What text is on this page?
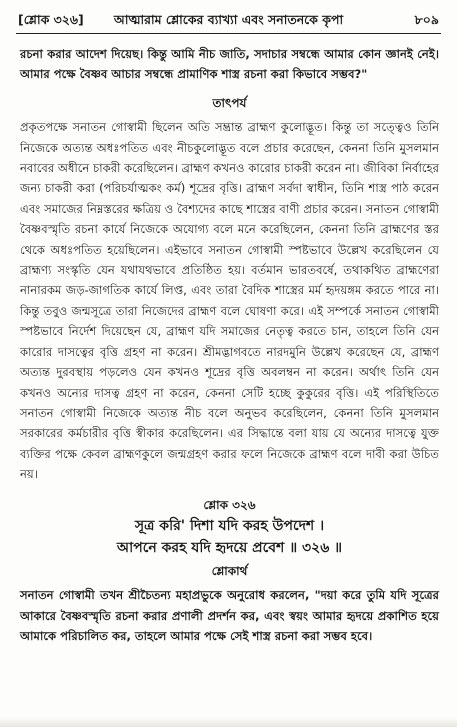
[শ্লোক ৩২৬]	আত্মারাম শ্লোকের ব্যাখ্যা এবং সনাতনকে কৃপা	৮০৯

রচনা করার আদেশ দিয়েছ। কিন্তু আমি নীচ জাতি, সদাচার সম্বন্ধে আমার কোন জ্ঞানই নেই। আমার পক্ষে বৈষ্ণব আচার সম্বন্ধে প্রামাণিক শাস্ত্র রচনা করা কিভাবে সম্ভব?"

তাৎপর্য

প্রকৃতপক্ষে সনাতন গোস্বামী ছিলেন অতি সম্ভ্রান্ত ব্রাহ্মণ কুলোদ্ভূত। কিন্তু তা সত্ত্বেও তিনি নিজেকে অত্যন্ত অধঃপতিত এবং নীচকুলোদ্ভূত বলে প্রচার করেছেন, কেননা তিনি মুসলমান নবাবের অধীনে চাকরী করেছিলেন। ব্রাহ্মণ কখনও কারোর চাকরী করেন না। জীবিকা নির্বাহের জন্য চাকরী করা (পরিচর্যাত্মকং কর্ম) শূদ্রের বৃত্তি। ব্রাহ্মণ সর্বদা স্বাধীন, তিনি শাস্ত্র পাঠ করেন এবং সমাজের নিম্নস্তরের ক্ষত্রিয় ও বৈশ্যদের কাছে শাস্ত্রের বাণী প্রচার করেন। সনাতন গোস্বামী বৈষ্ণবস্মৃতি রচনা কার্যে নিজেকে অযোগ্য বলে মনে করেছিলেন, কেননা তিনি ব্রাহ্মণের স্তর থেকে অধঃপতিত হয়েছিলেন। এইভাবে সনাতন গোস্বামী স্পষ্টভাবে উল্লেখ করেছিলেন যে ব্রাহ্মণ্য সংস্কৃতি যেন যথাযথভাবে প্রতিষ্ঠিত হয়। বর্তমান ভারতবর্ষে, তথাকথিত ব্রাহ্মণেরা নানারকম জড়-জাগতিক কার্যে লিপ্ত, এবং তারা বৈদিক শাস্ত্রের মর্ম হৃদয়ঙ্গম করতে পারে না। কিন্তু তবুও জন্মসূত্রে তারা নিজেদের ব্রাহ্মণ বলে ঘোষণা করে। এই সম্পর্কে সনাতন গোস্বামী স্পষ্টভাবে নির্দেশ দিয়েছেন যে, ব্রাহ্মণ যদি সমাজের নেতৃত্ব করতে চান, তাহলে তিনি যেন কারোর দাসত্বের বৃত্তি গ্রহণ না করেন। শ্রীমদ্ভাগবতে নারদমুনি উল্লেখ করেছেন যে, ব্রাহ্মণ অত্যন্ত দুরবস্থায় পড়লেও যেন কখনও শূদ্রের বৃত্তি অবলম্বন না করেন। অর্থাৎ তিনি যেন কখনও অন্যের দাসত্ব গ্রহণ না করেন, কেননা সেটি হচ্ছে কুকুরের বৃত্তি। এই পরিস্থিতিতে সনাতন গোস্বামী নিজেকে অত্যন্ত নীচ বলে অনুভব করেছিলেন, কেননা তিনি মুসলমান সরকারের কর্মচারীর বৃত্তি স্বীকার করেছিলেন। এর সিদ্ধান্তে বলা যায় যে অন্যের দাসত্বে যুক্ত ব্যক্তির পক্ষে কেবল ব্রাহ্মণকুলে জন্মগ্রহণ করার ফলে নিজেকে ব্রাহ্মণ বলে দাবী করা উচিত নয়।

শ্লোক ৩২৬
সূত্র করি' দিশা যদি করহ উপদেশ ।
আপনে করহ যদি হৃদয়ে প্রবেশ ॥ ৩২৬ ॥
শ্লোকার্থ

সনাতন গোস্বামী তখন শ্রীচৈতন্য মহাপ্রভুকে অনুরোধ করলেন, "দয়া করে তুমি যদি সূত্রের আকারে বৈষ্ণবস্মৃতি রচনা করার প্রণালী প্রদর্শন কর, এবং স্বয়ং আমার হৃদয়ে প্রকাশিত হয়ে আমাকে পরিচালিত কর, তাহলে আমার পক্ষে সেই শাস্ত্র রচনা করা সম্ভব হবে।
